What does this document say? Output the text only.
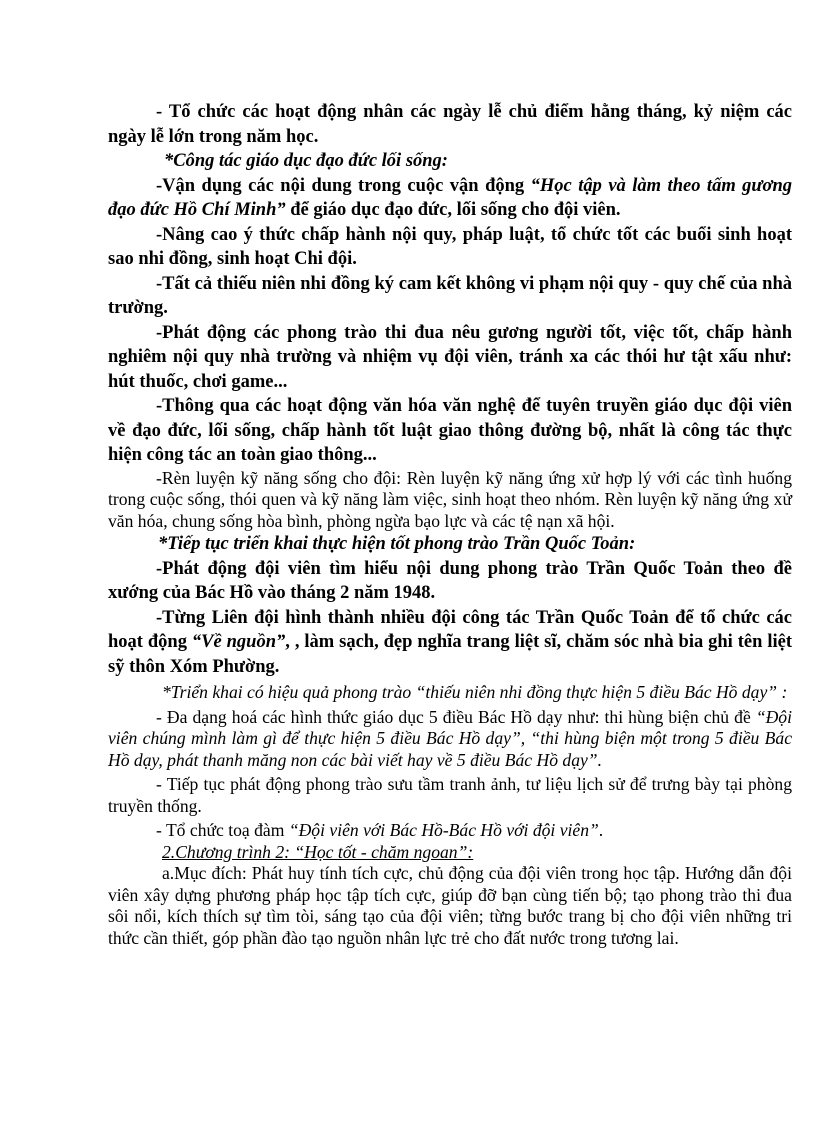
- Tổ chức các hoạt động nhân các ngày lễ chủ điểm hằng tháng, kỷ niệm các ngày lễ lớn trong năm học.

*Công tác giáo dục đạo đức lối sống:

-Vận dụng các nội dung trong cuộc vận động “Học tập và làm theo tấm gương đạo đức Hồ Chí Minh” để giáo dục đạo đức, lối sống cho đội viên.

-Nâng cao ý thức chấp hành nội quy, pháp luật, tổ chức tốt các buổi sinh hoạt sao nhi đồng, sinh hoạt Chi đội.

-Tất cả thiếu niên nhi đồng ký cam kết không vi phạm nội quy - quy chế của nhà trường.

-Phát động các phong trào thi đua nêu gương người tốt, việc tốt, chấp hành nghiêm nội quy nhà trường và nhiệm vụ đội viên, tránh xa các thói hư tật xấu như: hút thuốc, chơi game...

-Thông qua các hoạt động văn hóa văn nghệ để tuyên truyền giáo dục đội viên về đạo đức, lối sống, chấp hành tốt luật giao thông đường bộ, nhất là công tác thực hiện công tác an toàn giao thông...

-Rèn luyện kỹ năng sống cho đội: Rèn luyện kỹ năng ứng xử hợp lý với các tình huống trong cuộc sống, thói quen và kỹ năng làm việc, sinh hoạt theo nhóm. Rèn luyện kỹ năng ứng xử văn hóa, chung sống hòa bình, phòng ngừa bạo lực và các tệ nạn xã hội.

*Tiếp tục triển khai thực hiện tốt phong trào Trần Quốc Toản:

-Phát động đội viên tìm hiểu nội dung phong trào Trần Quốc Toản theo đề xướng của Bác Hồ vào tháng 2 năm 1948.

-Từng Liên đội hình thành nhiều đội công tác Trần Quốc Toản để tổ chức các hoạt động “Về nguồn”, , làm sạch, đẹp nghĩa trang liệt sĩ, chăm sóc nhà bia ghi tên liệt sỹ thôn Xóm Phường.

*Triển khai có hiệu quả phong trào “thiếu niên nhi đồng thực hiện 5 điều Bác Hồ dạy” :

- Đa dạng hoá các hình thức giáo dục 5 điều Bác Hồ dạy như: thi hùng biện chủ đề “Đội viên chúng mình làm gì để thực hiện 5 điều Bác Hồ dạy”, “thi hùng biện một trong 5 điều Bác Hồ dạy, phát thanh măng non các bài viết hay về 5 điều Bác Hồ dạy”.

- Tiếp tục phát động phong trào sưu tầm tranh ảnh, tư liệu lịch sử để trưng bày tại phòng truyền thống.

- Tổ chức toạ đàm “Đội viên với Bác Hồ-Bác Hồ với đội viên”.

2.Chương trình 2: “Học tốt - chăm ngoan”:

a.Mục đích: Phát huy tính tích cực, chủ động của đội viên trong học tập. Hướng dẫn đội viên xây dựng phương pháp học tập tích cực, giúp đỡ bạn cùng tiến bộ; tạo phong trào thi đua sôi nổi, kích thích sự tìm tòi, sáng tạo của đội viên; từng bước trang bị cho đội viên những tri thức cần thiết, góp phần đào tạo nguồn nhân lực trẻ cho đất nước trong tương lai.
